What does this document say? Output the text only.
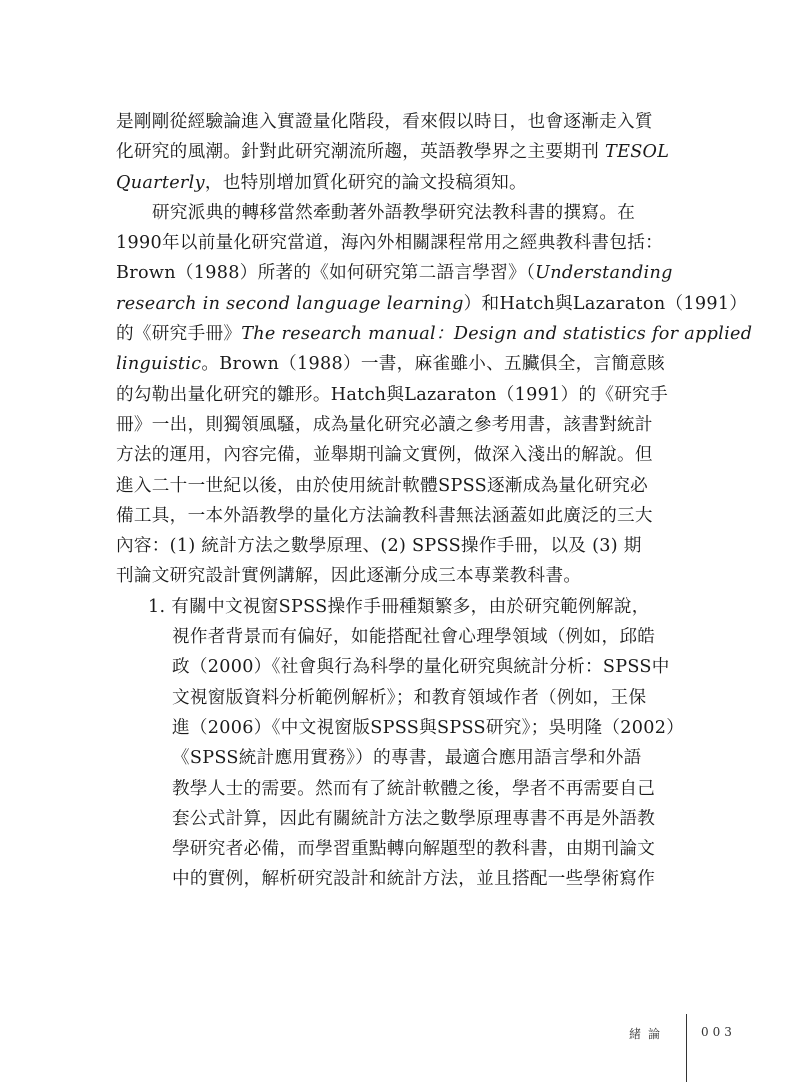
是剛剛從經驗論進入實證量化階段，看來假以時日，也會逐漸走入質
化研究的風潮。針對此研究潮流所趨，英語教學界之主要期刊 TESOL
Quarterly，也特別增加質化研究的論文投稿須知。
研究派典的轉移當然牽動著外語教學研究法教科書的撰寫。在
1990年以前量化研究當道，海內外相關課程常用之經典教科書包括：
Brown（1988）所著的《如何研究第二語言學習》（Understanding
research in second language learning）和Hatch與Lazaraton（1991）
的《研究手冊》The research manual：Design and statistics for applied
linguistic。Brown（1988）一書，麻雀雖小、五臟俱全，言簡意賅
的勾勒出量化研究的雛形。Hatch與Lazaraton（1991）的《研究手
冊》一出，則獨領風騷，成為量化研究必讀之參考用書，該書對統計
方法的運用，內容完備，並舉期刊論文實例，做深入淺出的解說。但
進入二十一世紀以後，由於使用統計軟體SPSS逐漸成為量化研究必
備工具，一本外語教學的量化方法論教科書無法涵蓋如此廣泛的三大
內容：(1) 統計方法之數學原理、(2) SPSS操作手冊，以及 (3) 期
刊論文研究設計實例講解，因此逐漸分成三本專業教科書。
1. 有關中文視窗SPSS操作手冊種類繁多，由於研究範例解說，
視作者背景而有偏好，如能搭配社會心理學領域（例如，邱皓
政（2000）《社會與行為科學的量化研究與統計分析：SPSS中
文視窗版資料分析範例解析》；和教育領域作者（例如，王保
進（2006）《中文視窗版SPSS與SPSS研究》；吳明隆（2002）
《SPSS統計應用實務》）的專書，最適合應用語言學和外語
教學人士的需要。然而有了統計軟體之後，學者不再需要自己
套公式計算，因此有關統計方法之數學原理專書不再是外語教
學研究者必備，而學習重點轉向解題型的教科書，由期刊論文
中的實例，解析研究設計和統計方法，並且搭配一些學術寫作
緒論	003
